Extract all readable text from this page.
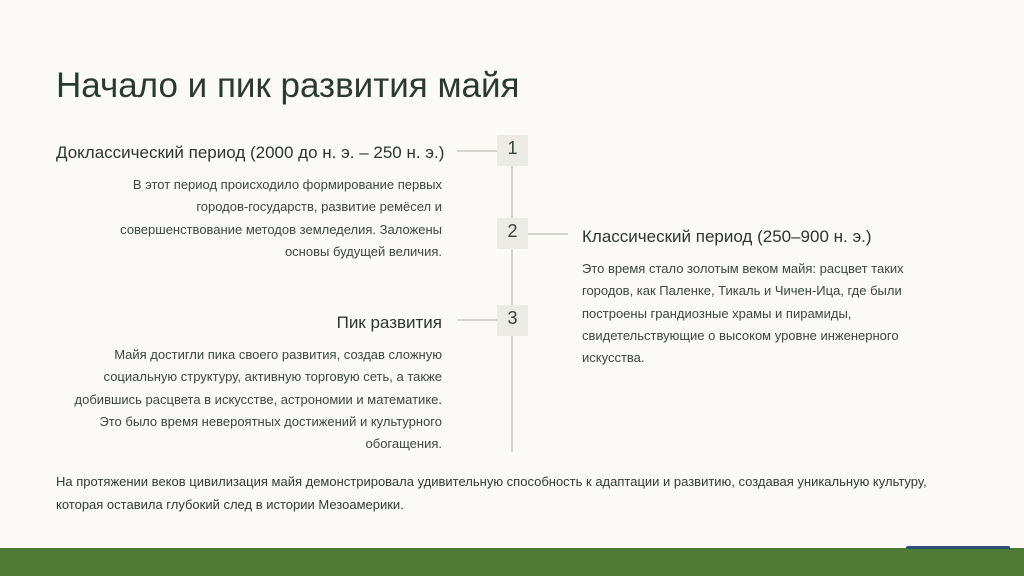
Начало и пик развития майя
1
Доклассический период (2000 до н. э. – 250 н. э.)
В этот период происходило формирование первых городов-государств, развитие ремёсел и совершенствование методов земледелия. Заложены основы будущей величия.
2	Классический период (250–900 н. э.)
Это время стало золотым веком майя: расцвет таких городов, как Паленке, Тикаль и Чичен-Ица, где были построены грандиозные храмы и пирамиды, свидетельствующие о высоком уровне инженерного искусства.
3
Пик развития
Майя достигли пика своего развития, создав сложную социальную структуру, активную торговую сеть, а также добившись расцвета в искусстве, астрономии и математике. Это было время невероятных достижений и культурного обогащения.
На протяжении веков цивилизация майя демонстрировала удивительную способность к адаптации и развитию, создавая уникальную культуру, которая оставила глубокий след в истории Мезоамерики.
